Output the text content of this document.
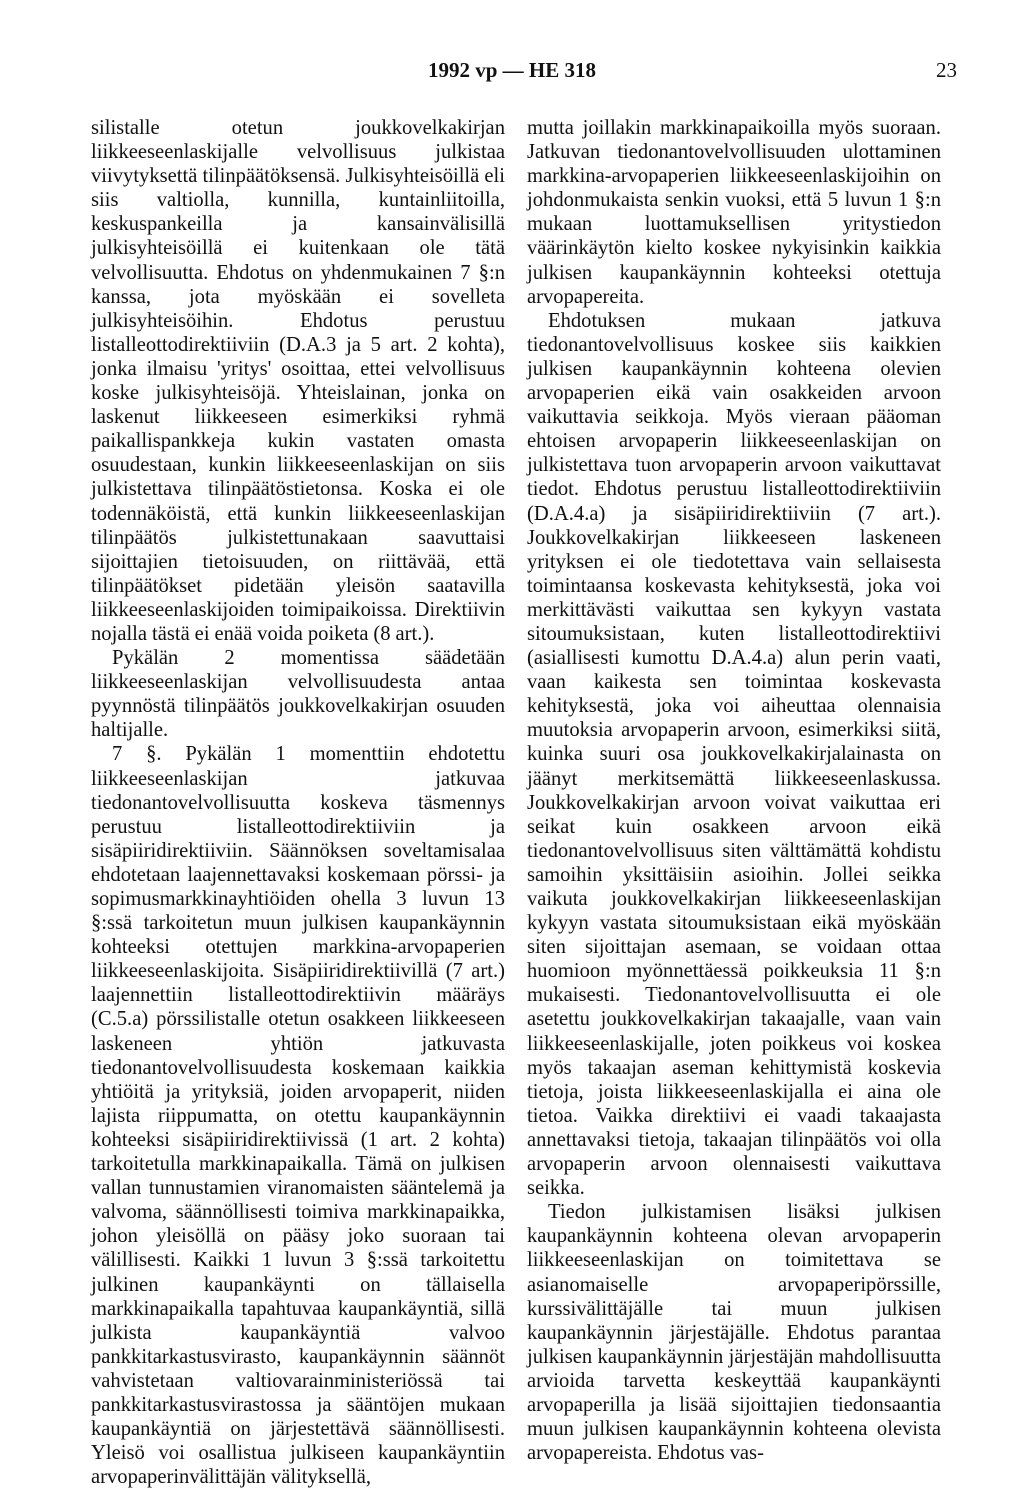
1992 vp — HE 318	23

silistalle otetun joukkovelkakirjan liikkeeseenlaskijalle velvollisuus julkistaa viivytyksettä tilinpäätöksensä. Julkisyhteisöillä eli siis valtiolla, kunnilla, kuntainliitoilla, keskuspankeilla ja kansainvälisillä julkisyhteisöillä ei kuitenkaan ole tätä velvollisuutta. Ehdotus on yhdenmukainen 7 §:n kanssa, jota myöskään ei sovelleta julkisyhteisöihin. Ehdotus perustuu listalleottodirektiiviin (D.A.3 ja 5 art. 2 kohta), jonka ilmaisu 'yritys' osoittaa, ettei velvollisuus koske julkisyhteisöjä. Yhteislainan, jonka on laskenut liikkeeseen esimerkiksi ryhmä paikallispankkeja kukin vastaten omasta osuudestaan, kunkin liikkeeseenlaskijan on siis julkistettava tilinpäätöstietonsa. Koska ei ole todennäköistä, että kunkin liikkeeseenlaskijan tilinpäätös julkistettunakaan saavuttaisi sijoittajien tietoisuuden, on riittävää, että tilinpäätökset pidetään yleisön saatavilla liikkeeseenlaskijoiden toimipaikoissa. Direktiivin nojalla tästä ei enää voida poiketa (8 art.).

Pykälän 2 momentissa säädetään liikkeeseenlaskijan velvollisuudesta antaa pyynnöstä tilinpäätös joukkovelkakirjan osuuden haltijalle.

7 §. Pykälän 1 momenttiin ehdotettu liikkeeseenlaskijan jatkuvaa tiedonantovelvollisuutta koskeva täsmennys perustuu listalleottodirektiiviin ja sisäpiiridirektiiviin. Säännöksen soveltamisalaa ehdotetaan laajennettavaksi koskemaan pörssi- ja sopimusmarkkinayhtiöiden ohella 3 luvun 13 §:ssä tarkoitetun muun julkisen kaupankäynnin kohteeksi otettujen markkina-arvopaperien liikkeeseenlaskijoita. Sisäpiiridirektiivillä (7 art.) laajennettiin listalleottodirektiivin määräys (C.5.a) pörssilistalle otetun osakkeen liikkeeseen laskeneen yhtiön jatkuvasta tiedonantovelvollisuudesta koskemaan kaikkia yhtiöitä ja yrityksiä, joiden arvopaperit, niiden lajista riippumatta, on otettu kaupankäynnin kohteeksi sisäpiiridirektiivissä (1 art. 2 kohta) tarkoitetulla markkinapaikalla. Tämä on julkisen vallan tunnustamien viranomaisten sääntelemä ja valvoma, säännöllisesti toimiva markkinapaikka, johon yleisöllä on pääsy joko suoraan tai välillisesti. Kaikki 1 luvun 3 §:ssä tarkoitettu julkinen kaupankäynti on tällaisella markkinapaikalla tapahtuvaa kaupankäyntiä, sillä julkista kaupankäyntiä valvoo pankkitarkastusvirasto, kaupankäynnin säännöt vahvistetaan valtiovarainministeriössä tai pankkitarkastusvirastossa ja sääntöjen mukaan kaupankäyntiä on järjestettävä säännöllisesti. Yleisö voi osallistua julkiseen kaupankäyntiin arvopaperinvälittäjän välityksellä,

mutta joillakin markkinapaikoilla myös suoraan. Jatkuvan tiedonantovelvollisuuden ulottaminen markkina-arvopaperien liikkeeseenlaskijoihin on johdonmukaista senkin vuoksi, että 5 luvun 1 §:n mukaan luottamuksellisen yritystiedon väärinkäytön kielto koskee nykyisinkin kaikkia julkisen kaupankäynnin kohteeksi otettuja arvopapereita.

Ehdotuksen mukaan jatkuva tiedonantovelvollisuus koskee siis kaikkien julkisen kaupankäynnin kohteena olevien arvopaperien eikä vain osakkeiden arvoon vaikuttavia seikkoja. Myös vieraan pääoman ehtoisen arvopaperin liikkeeseenlaskijan on julkistettava tuon arvopaperin arvoon vaikuttavat tiedot. Ehdotus perustuu listalleottodirektiiviin (D.A.4.a) ja sisäpiiridirektiiviin (7 art.). Joukkovelkakirjan liikkeeseen laskeneen yrityksen ei ole tiedotettava vain sellaisesta toimintaansa koskevasta kehityksestä, joka voi merkittävästi vaikuttaa sen kykyyn vastata sitoumuksistaan, kuten listalleottodirektiivi (asiallisesti kumottu D.A.4.a) alun perin vaati, vaan kaikesta sen toimintaa koskevasta kehityksestä, joka voi aiheuttaa olennaisia muutoksia arvopaperin arvoon, esimerkiksi siitä, kuinka suuri osa joukkovelkakirjalainasta on jäänyt merkitsemättä liikkeeseenlaskussa. Joukkovelkakirjan arvoon voivat vaikuttaa eri seikat kuin osakkeen arvoon eikä tiedonantovelvollisuus siten välttämättä kohdistu samoihin yksittäisiin asioihin. Jollei seikka vaikuta joukkovelkakirjan liikkeeseenlaskijan kykyyn vastata sitoumuksistaan eikä myöskään siten sijoittajan asemaan, se voidaan ottaa huomioon myönnettäessä poikkeuksia 11 §:n mukaisesti. Tiedonantovelvollisuutta ei ole asetettu joukkovelkakirjan takaajalle, vaan vain liikkeeseenlaskijalle, joten poikkeus voi koskea myös takaajan aseman kehittymistä koskevia tietoja, joista liikkeeseenlaskijalla ei aina ole tietoa. Vaikka direktiivi ei vaadi takaajasta annettavaksi tietoja, takaajan tilinpäätös voi olla arvopaperin arvoon olennaisesti vaikuttava seikka.

Tiedon julkistamisen lisäksi julkisen kaupankäynnin kohteena olevan arvopaperin liikkeeseenlaskijan on toimitettava se asianomaiselle arvopaperipörssille, kurssivälittäjälle tai muun julkisen kaupankäynnin järjestäjälle. Ehdotus parantaa julkisen kaupankäynnin järjestäjän mahdollisuutta arvioida tarvetta keskeyttää kaupankäynti arvopaperilla ja lisää sijoittajien tiedonsaantia muun julkisen kaupankäynnin kohteena olevista arvopapereista. Ehdotus vas-
